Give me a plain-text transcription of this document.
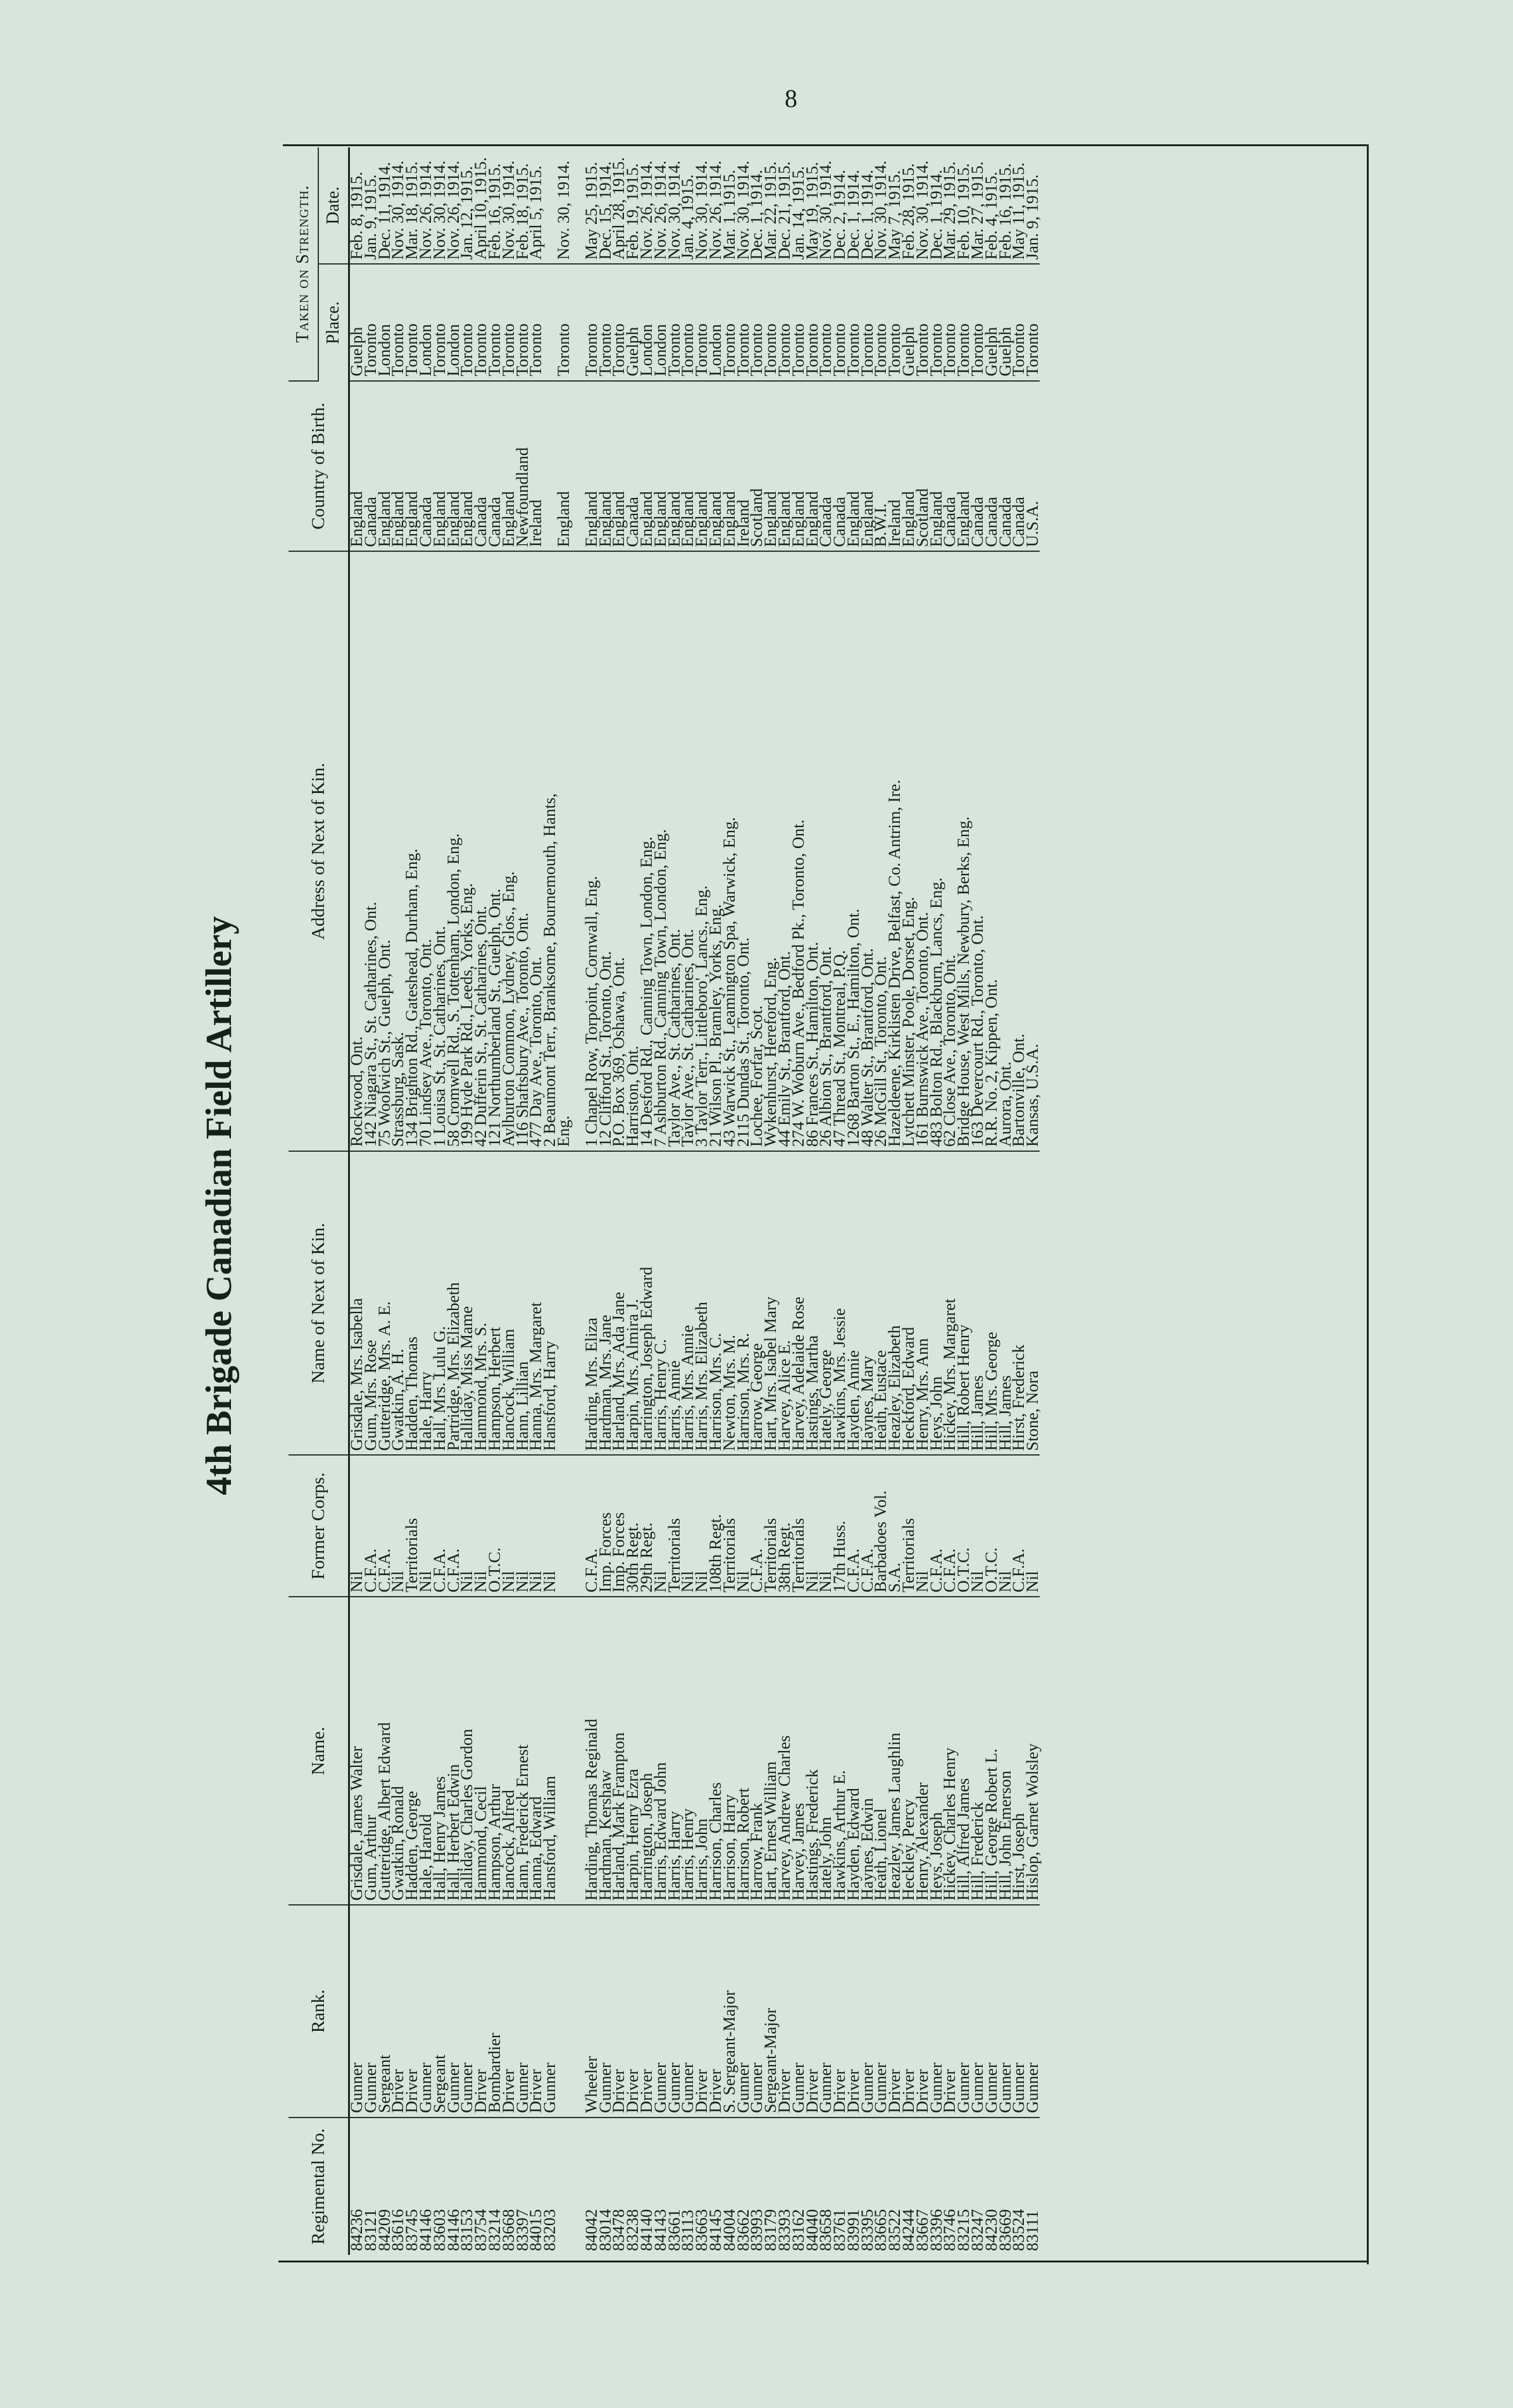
8
4th Brigade Canadian Field Artillery
Regimental No.	Rank.	Name.	Former Corps.	Name of Next of Kin.	Address of Next of Kin.	Country of Birth.	Taken on Strength.	
							Place.	Date.
84236	Gunner	Grisdale, James Walter	Nil	Grisdale, Mrs. Isabella	Rockwood, Ont.	England	Guelph	Feb. 8, 1915.
83121	Gunner	Gum, Arthur	C.F.A.	Gum, Mrs. Rose	142 Niagara St., St. Catharines, Ont.	Canada	Toronto	Jan. 9, 1915.
84209	Sergeant	Gutteridge, Albert Edward	C.F.A.	Gutteridge, Mrs. A. E.	75 Woolwich St., Guelph, Ont.	England	London	Dec. 11, 1914.
83616	Driver	Gwatkin, Ronald	Nil	Gwatkin, A. H.	Strassburg, Sask.	England	Toronto	Nov. 30, 1914.
83745	Driver	Hadden, George	Territorials	Hadden, Thomas	134 Brighton Rd., Gateshead, Durham, Eng.	England	Toronto	Mar. 18, 1915.
84146	Gunner	Hale, Harold	Nil	Hale, Harry	70 Lindsey Ave., Toronto, Ont.	Canada	London	Nov. 26, 1914.
83603	Sergeant	Hall, Henry James	C.F.A.	Hall, Mrs. Lulu G.	1 Louisa St., St. Catharines, Ont.	England	Toronto	Nov. 30, 1914.
84146	Gunner	Hall, Herbert Edwin	C.F.A.	Partridge, Mrs. Elizabeth	58 Cromwell Rd., S. Tottenham, London, Eng.	England	London	Nov. 26, 1914.
83153	Gunner	Halliday, Charles Gordon	Nil	Halliday, Miss Mame	199 Hyde Park Rd., Leeds, Yorks, Eng.	England	Toronto	Jan. 12, 1915.
83754	Driver	Hammond, Cecil	Nil	Hammond, Mrs. S.	42 Dufferin St., St. Catharines, Ont.	Canada	Toronto	April 10, 1915.
83214	Bombardier	Hampson, Arthur	O.T.C.	Hampson, Herbert	121 Northumberland St., Guelph, Ont.	Canada	Toronto	Feb. 16, 1915.
83668	Driver	Hancock, Alfred	Nil	Hancock, William	Aylburton Common, Lydney, Glos., Eng.	England	Toronto	Nov. 30, 1914.
83397	Gunner	Hann, Frederick Ernest	Nil	Hann, Lillian	116 Shaftsbury Ave., Toronto, Ont.	Newfoundland	Toronto	Feb. 18, 1915.
84015	Driver	Hanna, Edward	Nil	Hanna, Mrs. Margaret	477 Day Ave., Toronto, Ont.	Ireland	Toronto	April 5, 1915.
83203	Gunner	Hansford, William	Nil	Hansford, Harry	2 Beaumont Terr., Branksome, Bournemouth, Hants,			
					Eng.	England	Toronto	Nov. 30, 1914.

84042	Wheeler	Harding, Thomas Reginald	C.F.A.	Harding, Mrs. Eliza	1 Chapel Row, Torpoint, Cornwall, Eng.	England	Toronto	May 25, 1915.
83014	Gunner	Hardman, Kershaw	Imp. Forces	Hardman, Mrs. Jane	12 Clifford St., Toronto, Ont.	England	Toronto	Dec. 15, 1914.
83478	Driver	Harland, Mark Frampton	Imp. Forces	Harland, Mrs. Ada Jane	P.O. Box 369, Oshawa, Ont.	England	Toronto	April 28, 1915.
83238	Driver	Harpin, Henry Ezra	30th Regt.	Harpin, Mrs. Almira J.	Harriston, Ont.	Canada	Guelph	Feb. 19, 1915.
84140	Driver	Harrington, Joseph	29th Regt.	Harrington, Joseph Edward	14 Desford Rd., Canning Town, London, Eng.	England	London	Nov. 26, 1914.
84143	Gunner	Harris, Edward John	Nil	Harris, Henry C.	7 Ashburton Rd., Canning Town, London, Eng.	England	London	Nov. 26, 1914.
83661	Gunner	Harris, Harry	Territorials	Harris, Annie	Taylor Ave., St. Catharines, Ont.	England	Toronto	Nov. 30, 1914.
83113	Gunner	Harris, Henry	Nil	Harris, Mrs. Annie	Taylor Ave., St. Catharines, Ont.	England	Toronto	Jan. 4, 1915.
83663	Driver	Harris, John	Nil	Harris, Mrs. Elizabeth	3 Taylor Terr., Littleboro', Lancs., Eng.	England	Toronto	Nov. 30, 1914.
84145	Driver	Harrison, Charles	108th Regt.	Harrison, Mrs. C.	21 Wilson Pl., Bramley, Yorks, Eng.	England	London	Nov. 26, 1914.
84004	S. Sergeant-Major	Harrison, Harry	Territorials	Newton, Mrs. M.	43 Warwick St., Leamington Spa, Warwick, Eng.	England	Toronto	Mar. 1, 1915.
83662	Gunner	Harrison, Robert	Nil	Harrison, Mrs. R.	2115 Dundas St., Toronto, Ont.	Ireland	Toronto	Nov. 30, 1914.
83993	Gunner	Harrow, Frank	C.F.A.	Harrow, George	Lochee, Forfar, Scot.	Scotland	Toronto	Dec. 1, 1914.
83179	Sergeant-Major	Hart, Ernest William	Territorials	Hart, Mrs. Isabel Mary	Wykenhurst, Hereford, Eng.	England	Toronto	Mar. 22, 1915.
83393	Driver	Harvey, Andrew Charles	38th Regt.	Harvey, Alice E.	44 Emily St., Brantford, Ont.	England	Toronto	Dec. 21, 1915.
83162	Gunner	Harvey, James	Territorials	Harvey, Adelaide Rose	274 W. Woburn Ave., Bedford Pk., Toronto, Ont.	England	Toronto	Jan. 14, 1915.
84040	Driver	Hastings, Frederick	Nil	Hastings, Martha	86 Frances St., Hamilton, Ont.	England	Toronto	May 19, 1915.
83658	Gunner	Hately, John	Nil	Hately, George	26 Albion St., Brantford, Ont.	Canada	Toronto	Nov. 30, 1914.
83761	Driver	Hawkins, Arthur E.	17th Huss.	Hawkins, Mrs. Jessie	47 Thread St., Montreal, P.Q.	Canada	Toronto	Dec. 2, 1914.
83991	Driver	Hayden, Edward	C.F.A.	Hayden, Annie	1268 Barton St., E., Hamilton, Ont.	England	Toronto	Dec. 1, 1914.
83395	Gunner	Haynes, Edwin	C.F.A.	Haynes, Mary	48 Walter St., Brantford, Ont.	England	Toronto	Dec. 1, 1914.
83665	Gunner	Heath, Lionel	Barbadoes Vol.	Heath, Eustace	26 McGill St., Toronto, Ont.	B.W.I.	Toronto	Nov. 30, 1914.
83522	Driver	Heazley, James Laughlin	S.A.	Heazley, Elizabeth	Hazeldeene, Kirklisten Drive, Belfast, Co. Antrim, Ire.	Ireland	Toronto	May 7, 1915.
84244	Driver	Heckley, Percy	Territorials	Heckford, Edward	Lytchett Minster, Poole, Dorset, Eng.	England	Guelph	Feb. 28, 1915.
83667	Driver	Henry, Alexander	Nil	Henry, Mrs. Ann	161 Burnswick Ave., Toronto, Ont.	Scotland	Toronto	Nov. 30, 1914.
83396	Gunner	Heys, Joseph	C.F.A.	Heys, John	483 Bolton Rd., Blackburn, Lancs, Eng.	England	Toronto	Dec. 1, 1914.
83746	Driver	Hickey, Charles Henry	C.F.A.	Hickey, Mrs. Margaret	62 Close Ave., Toronto, Ont.	Canada	Toronto	Mar. 29, 1915.
83215	Gunner	Hill, Alfred James	O.T.C.	Hill, Robert Henry	Bridge House, West Mills, Newbury, Berks, Eng.	England	Toronto	Feb. 10, 1915.
83247	Gunner	Hill, Frederick	Nil	Hill, James	163 Devercourt Rd., Toronto, Ont.	Canada	Toronto	Mar. 27, 1915.
84230	Gunner	Hill, George Robert L.	O.T.C.	Hill, Mrs. George	R.R. No. 2, Kippen, Ont.	Canada	Guelph	Feb. 4, 1915.
83669	Gunner	Hill, John Emerson	Nil	Hill, James	Aurora, Ont.	Canada	Guelph	Feb. 16, 1915.
83524	Gunner	Hirst, Joseph	C.F.A.	Hirst, Frederick	Bartonville, Ont.	Canada	Toronto	May 11, 1915.
83111	Gunner	Hislop, Garnet Wolsley	Nil	Stone, Nora	Kansas, U.S.A.	U.S.A.	Toronto	Jan. 9, 1915.
